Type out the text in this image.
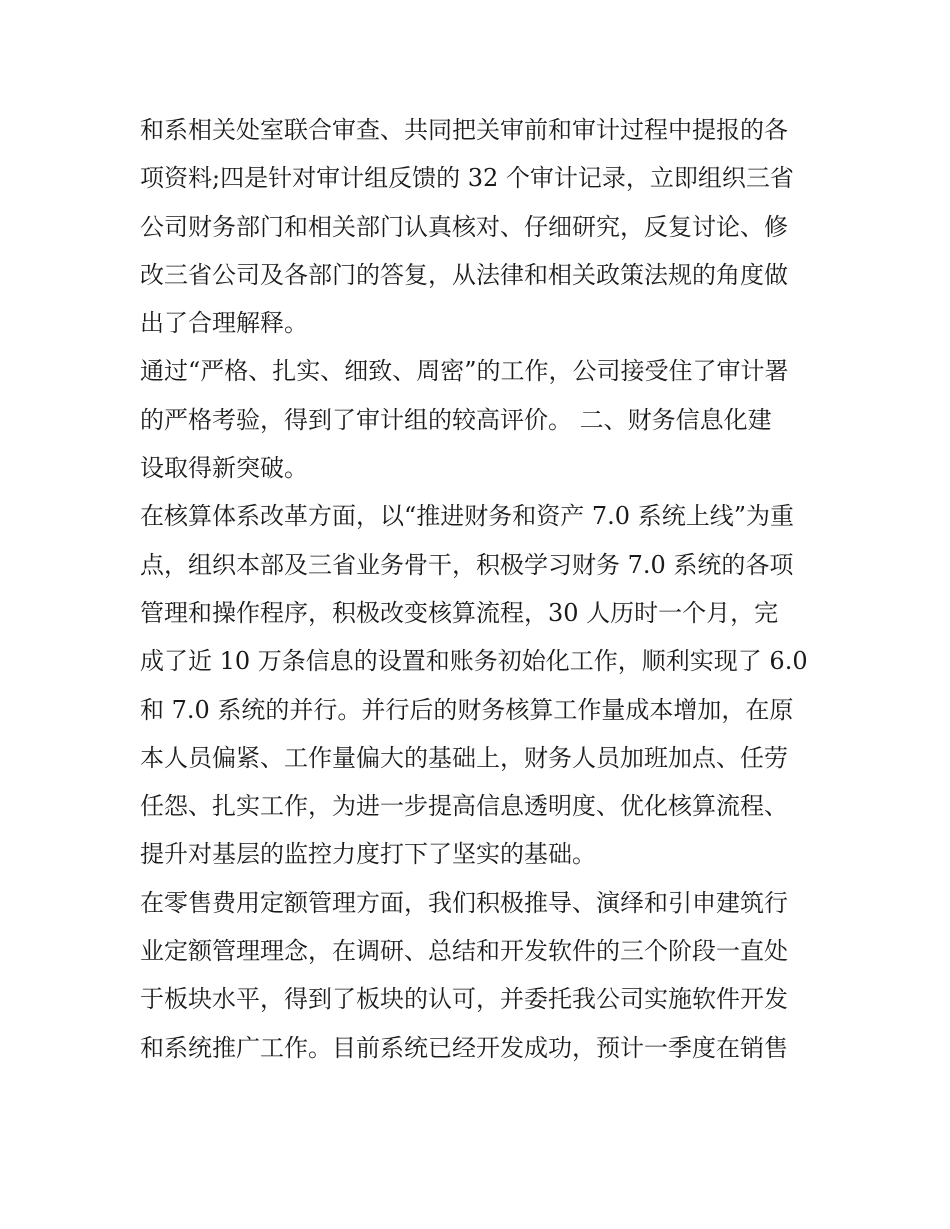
和系相关处室联合审查、共同把关审前和审计过程中提报的各
项资料;四是针对审计组反馈的 32 个审计记录，立即组织三省
公司财务部门和相关部门认真核对、仔细研究，反复讨论、修
改三省公司及各部门的答复，从法律和相关政策法规的角度做
出了合理解释。
通过“严格、扎实、细致、周密”的工作，公司接受住了审计署
的严格考验，得到了审计组的较高评价。 二、财务信息化建
设取得新突破。
在核算体系改革方面，以“推进财务和资产 7.0 系统上线”为重
点，组织本部及三省业务骨干，积极学习财务 7.0 系统的各项
管理和操作程序，积极改变核算流程，30 人历时一个月，完
成了近 10 万条信息的设置和账务初始化工作，顺利实现了 6.0
和 7.0 系统的并行。并行后的财务核算工作量成本增加，在原
本人员偏紧、工作量偏大的基础上，财务人员加班加点、任劳
任怨、扎实工作，为进一步提高信息透明度、优化核算流程、
提升对基层的监控力度打下了坚实的基础。
在零售费用定额管理方面，我们积极推导、演绎和引申建筑行
业定额管理理念，在调研、总结和开发软件的三个阶段一直处
于板块水平，得到了板块的认可，并委托我公司实施软件开发
和系统推广工作。目前系统已经开发成功，预计一季度在销售
